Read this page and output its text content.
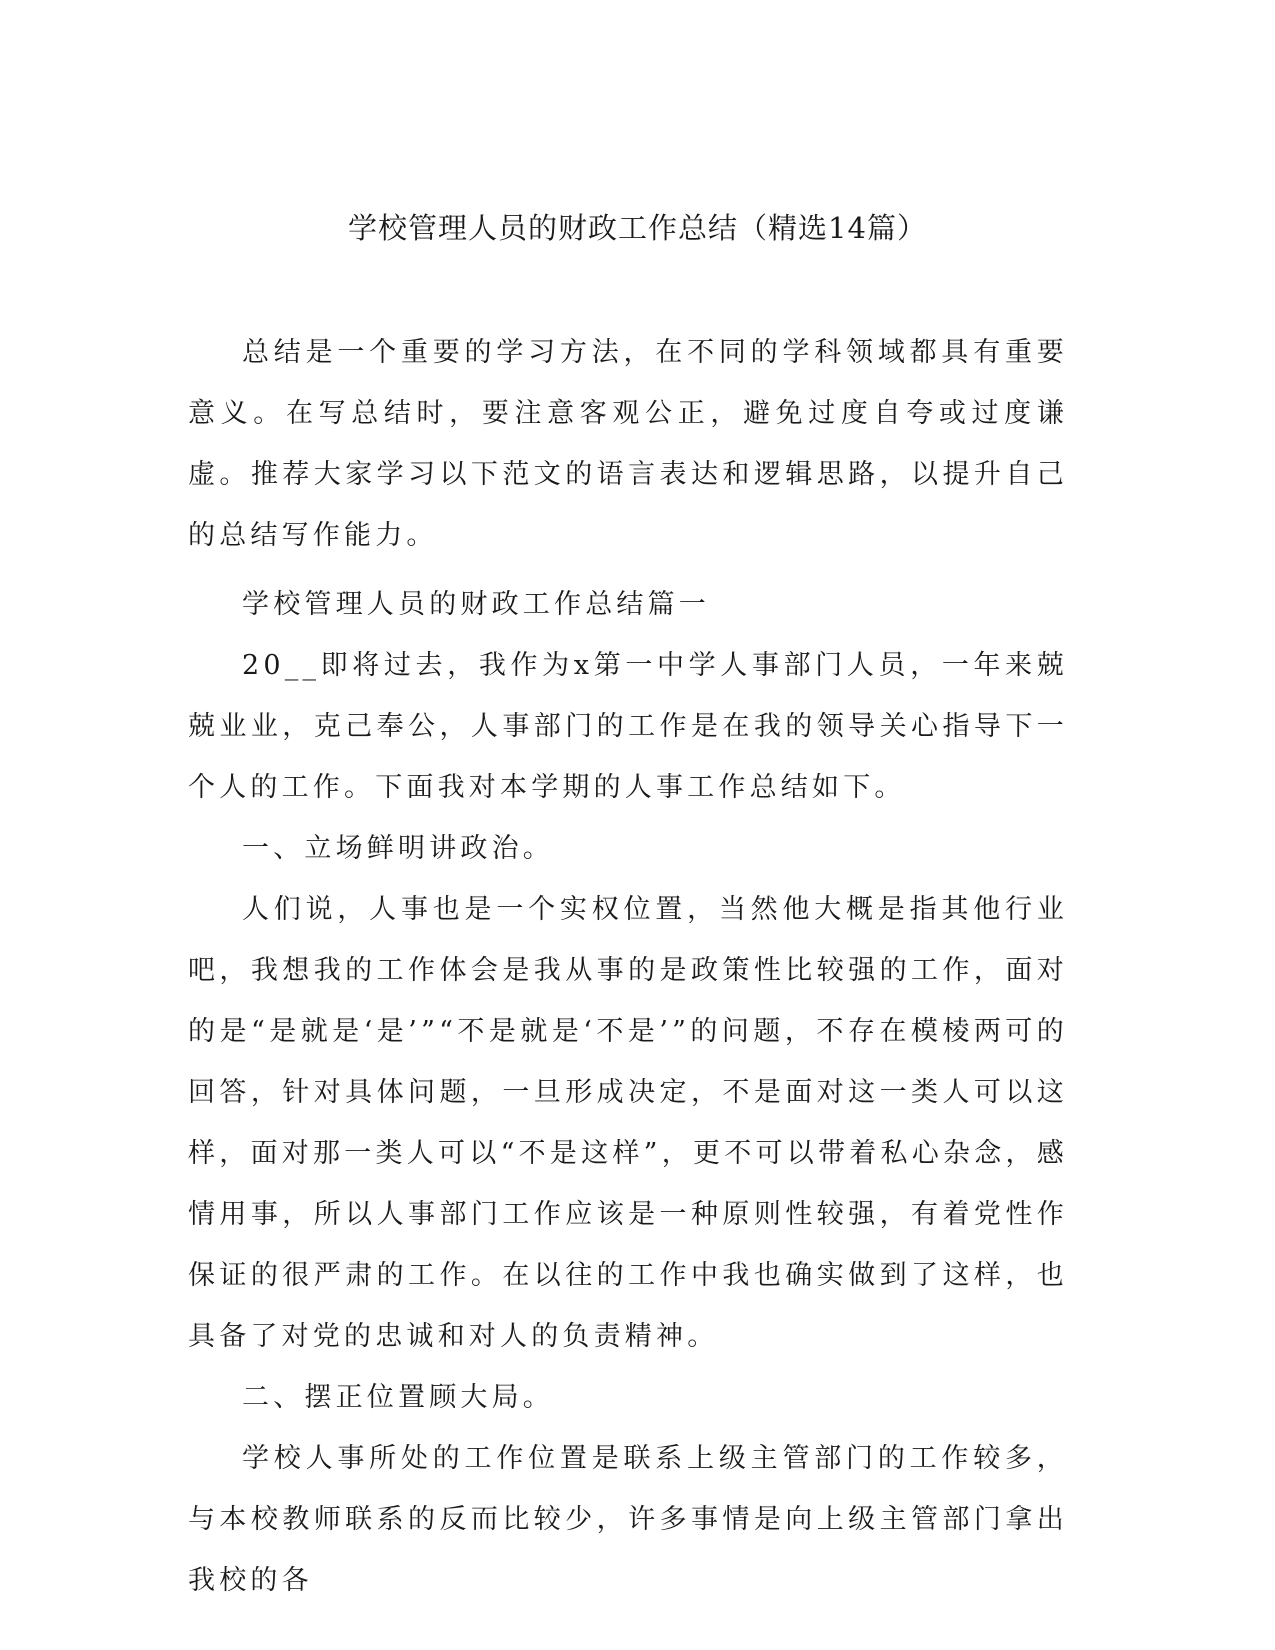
学校管理人员的财政工作总结（精选14篇）

总结是一个重要的学习方法，在不同的学科领域都具有重要意义。在写总结时，要注意客观公正，避免过度自夸或过度谦虚。推荐大家学习以下范文的语言表达和逻辑思路，以提升自己的总结写作能力。

学校管理人员的财政工作总结篇一

20__即将过去，我作为x第一中学人事部门人员，一年来兢兢业业，克己奉公，人事部门的工作是在我的领导关心指导下一个人的工作。下面我对本学期的人事工作总结如下。

一、立场鲜明讲政治。

人们说，人事也是一个实权位置，当然他大概是指其他行业吧，我想我的工作体会是我从事的是政策性比较强的工作，面对的是“是就是‘是’”“不是就是‘不是’”的问题，不存在模棱两可的回答，针对具体问题，一旦形成决定，不是面对这一类人可以这样，面对那一类人可以“不是这样”，更不可以带着私心杂念，感情用事，所以人事部门工作应该是一种原则性较强，有着党性作保证的很严肃的工作。在以往的工作中我也确实做到了这样，也具备了对党的忠诚和对人的负责精神。

二、摆正位置顾大局。

学校人事所处的工作位置是联系上级主管部门的工作较多，与本校教师联系的反而比较少，许多事情是向上级主管部门拿出我校的各
